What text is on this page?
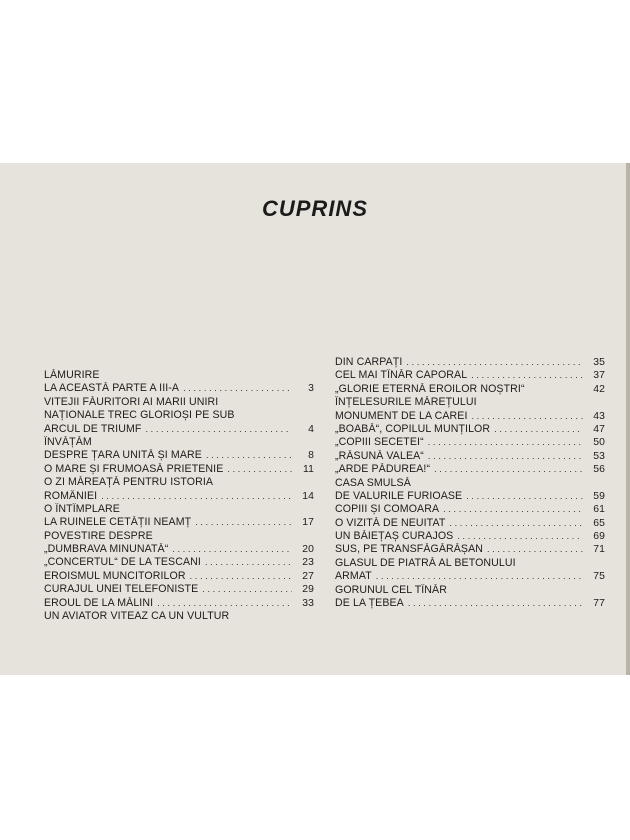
CUPRINS
LĂMURIRE
LA ACEASTĂ PARTE A III-A . . .	3
VITEJII FĂURITORI AI MARII UNIRI
NAȚIONALE TREC GLORIOȘI PE SUB
ARCUL DE TRIUMF . . .	4
ÎNVĂȚĂM
DESPRE ȚARA UNITĂ ȘI MARE . . .	8
O MARE ȘI FRUMOASĂ PRIETENIE . . .	11
O ZI MĂREAȚĂ PENTRU ISTORIA
ROMÂNIEI . . .	14
O ÎNTÎMPLARE
LA RUINELE CETĂȚII NEAMȚ . . .	17
POVESTIRE DESPRE
„DUMBRAVA MINUNATĂ“ . . .	20
„CONCERTUL“ DE LA TESCANI . . .	23
EROISMUL MUNCITORILOR . . .	27
CURAJUL UNEI TELEFONISTE . . .	29
EROUL DE LA MĂLINI . . .	33
UN AVIATOR VITEAZ CA UN VULTUR
DIN CARPAȚI . . .	35
CEL MAI TÎNĂR CAPORAL . . .	37
„GLORIE ETERNĂ EROILOR NOȘTRI“	42
ÎNȚELESURILE MĂREȚULUI
MONUMENT DE LA CAREI . . .	43
„BOABĂ“, COPILUL MUNȚILOR . . .	47
„COPIII SECETEI“ . . .	50
„RĂSUNĂ VALEA“ . . .	53
„ARDE PĂDUREA!“ . . .	56
CASA SMULSĂ
DE VALURILE FURIOASE . . .	59
COPIII ȘI COMOARA . . .	61
O VIZITĂ DE NEUITAT . . .	65
UN BĂIEȚAȘ CURAJOS . . .	69
SUS, PE TRANSFĂGĂRĂȘAN . . .	71
GLASUL DE PIATRĂ AL BETONULUI
ARMAT . . .	75
GORUNUL CEL TÎNĂR
DE LA ȚEBEA . . .	77
